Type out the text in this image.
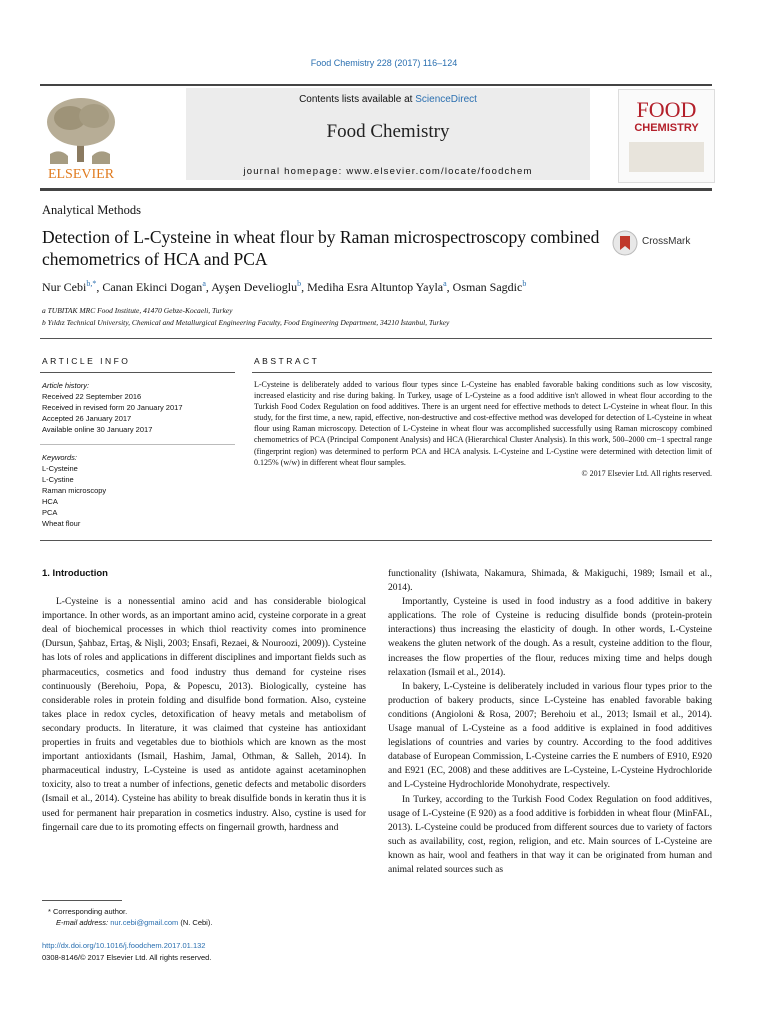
Food Chemistry 228 (2017) 116–124
ELSEVIER
Contents lists available at ScienceDirect
Food Chemistry
journal homepage: www.elsevier.com/locate/foodchem
FOOD
CHEMISTRY
Analytical Methods
Detection of L-Cysteine in wheat flour by Raman microspectroscopy combined chemometrics of HCA and PCA
CrossMark
Nur Cebi$^{b,*}$, Canan Ekinci Dogan$^a$, Ayşen Develioglu$^b$, Mediha Esra Altuntop Yayla$^a$, Osman Sagdic$^b$
a TUBITAK MRC Food Institute, 41470 Gebze-Kocaeli, Turkey
b Yıldız Technical University, Chemical and Metallurgical Engineering Faculty, Food Engineering Department, 34210 İstanbul, Turkey
ARTICLE INFO
Article history:
Received 22 September 2016
Received in revised form 20 January 2017
Accepted 26 January 2017
Available online 30 January 2017
Keywords:
L-Cysteine
L-Cystine
Raman microscopy
HCA
PCA
Wheat flour
ABSTRACT

L-Cysteine is deliberately added to various flour types since L-Cysteine has enabled favorable baking conditions such as low viscosity, increased elasticity and rise during baking. In Turkey, usage of L-Cysteine as a food additive isn't allowed in wheat flour according to the Turkish Food Codex Regulation on food additives. There is an urgent need for effective methods to detect L-Cysteine in wheat flour. In this study, for the first time, a new, rapid, effective, non-destructive and cost-effective method was developed for detection of L-Cysteine in wheat flour using Raman microscopy. Detection of L-Cysteine in wheat flour was accomplished successfully using Raman microscopy combined chemometrics of PCA (Principal Component Analysis) and HCA (Hierarchical Cluster Analysis). In this work, 500–2000 cm−1 spectral range (fingerprint region) was determined to perform PCA and HCA analysis. L-Cysteine and L-Cystine were determined with detection limit of 0.125% (w/w) in different wheat flour samples.

© 2017 Elsevier Ltd. All rights reserved.

1. Introduction

L-Cysteine is a nonessential amino acid and has considerable biological importance. In other words, as an important amino acid, cysteine corporate in a great deal of biochemical processes in which thiol reactivity comes into prominence (Dursun, Şahbaz, Ertaş, & Nişli, 2003; Ensafi, Rezaei, & Nouroozi, 2009)). Cysteine has lots of roles and applications in different disciplines and important fields such as pharmaceutics, cosmetics and food industry thus demand for cysteine rises continuously (Berehoiu, Popa, & Popescu, 2013). Biologically, cysteine has considerable roles in protein folding and disulfide bond formation. Also, cysteine takes place in redox cycles, detoxification of heavy metals and metabolism of secondary products. In literature, it was claimed that cysteine has antioxidant properties in fruits and vegetables due to biothiols which are known as the most important antioxidants (Ismail, Hashim, Jamal, Othman, & Salleh, 2014). In pharmaceutical industry, L-Cysteine is used as antidote against acetaminophen toxicity, also to treat a number of infections, genetic defects and metabolic disorders (Ismail et al., 2014). Cysteine has ability to break disulfide bonds in keratin thus it is used for permanent hair preparation in cosmetics industry. Also, cystine is used for fingernail care due to its promoting effects on fingernail growth, hardness and

functionality (Ishiwata, Nakamura, Shimada, & Makiguchi, 1989; Ismail et al., 2014).

Importantly, Cysteine is used in food industry as a food additive in bakery applications. The role of Cysteine is reducing disulfide bonds (protein-protein interactions) thus increasing the elasticity of dough. In other words, L-Cysteine weakens the gluten network of the dough. As a result, cysteine addition to the flour, increases the flow properties of the flour, reduces mixing time and helps dough relaxation (Ismail et al., 2014).

In bakery, L-Cysteine is deliberately included in various flour types prior to the production of bakery products, since L-Cysteine has enabled favorable baking conditions (Angioloni & Rosa, 2007; Berehoiu et al., 2013; Ismail et al., 2014). Usage manual of L-Cysteine as a food additive is explained in food additives legislations of countries and varies by country. According to the food additives database of European Commission, L-Cysteine carries the E numbers of E910, E920 and E921 (EC, 2008) and these additives are L-Cysteine, L-Cysteine Hydrochloride and L-Cysteine Hydrochloride Monohydrate, respectively.

In Turkey, according to the Turkish Food Codex Regulation on food additives, usage of L-Cysteine (E 920) as a food additive is forbidden in wheat flour (MinFAL, 2013). L-Cysteine could be produced from different sources due to variety of factors such as availability, cost, region, religion, and etc. Main sources of L-Cysteine are known as hair, wool and feathers in that way it can be originated from human and animal related sources such as

* Corresponding author.
E-mail address: nur.cebi@gmail.com (N. Cebi).
http://dx.doi.org/10.1016/j.foodchem.2017.01.132
0308-8146/© 2017 Elsevier Ltd. All rights reserved.
